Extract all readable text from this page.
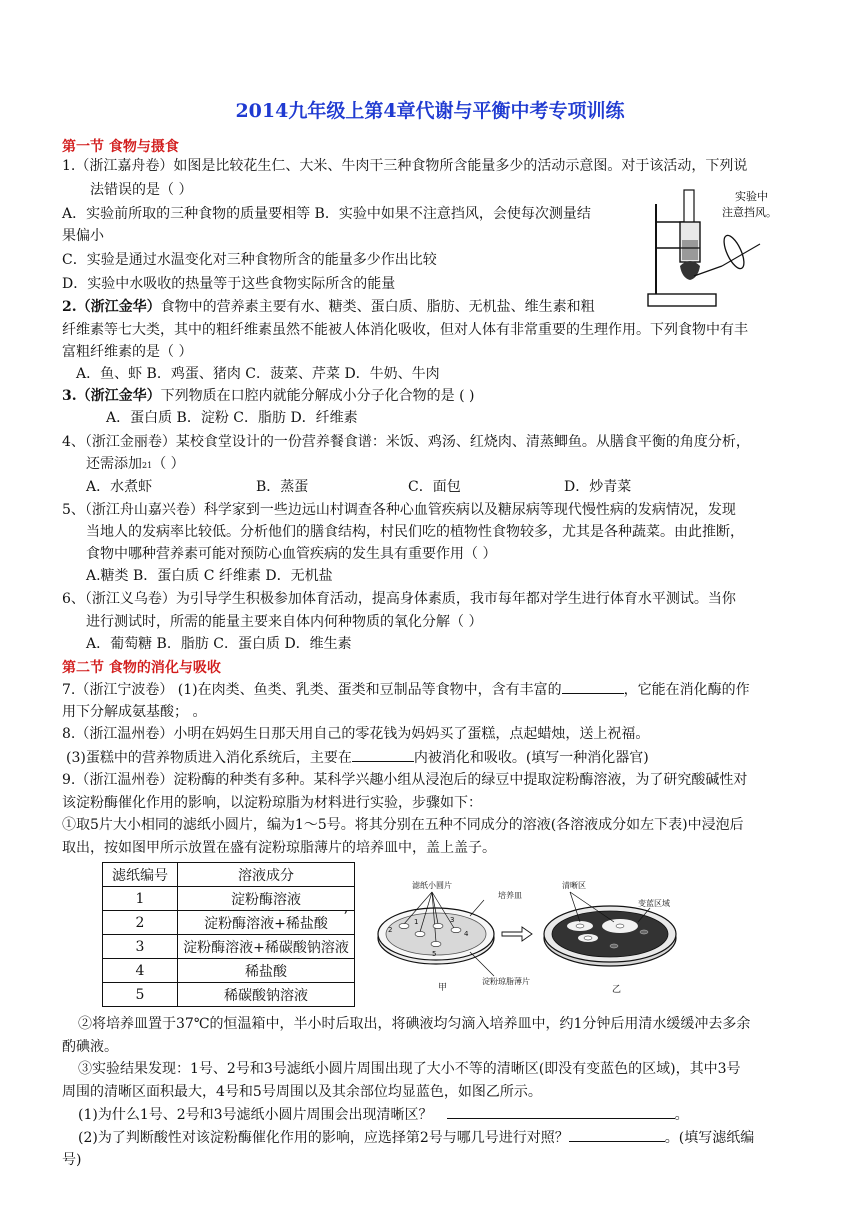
2014九年级上第4章代谢与平衡中考专项训练
第一节 食物与摄食
1.（浙江嘉舟卷）如图是比较花生仁、大米、牛肉干三种食物所含能量多少的活动示意图。对于该活动，下列说
法错误的是（ ）
A．实验前所取的三种食物的质量要相等 B．实验中如果不注意挡风，会使每次测量结
果偏小
C．实验是通过水温变化对三种食物所含的能量多少作出比较
D．实验中水吸收的热量等于这些食物实际所含的能量
实验中
注意挡风。
2.（浙江金华）食物中的营养素主要有水、糖类、蛋白质、脂肪、无机盐、维生素和粗
纤维素等七大类，其中的粗纤维素虽然不能被人体消化吸收，但对人体有非常重要的生理作用。下列食物中有丰
富粗纤维素的是（ ）
A．鱼、虾 B．鸡蛋、猪肉 C．菠菜、芹菜 D．牛奶、牛肉
3.（浙江金华）下列物质在口腔内就能分解成小分子化合物的是 ( )
A．蛋白质 B．淀粉 C．脂肪 D．纤维素
4、（浙江金丽卷）某校食堂设计的一份营养餐食谱：米饭、鸡汤、红烧肉、清蒸鲫鱼。从膳食平衡的角度分析，
还需添加21（ ）
A．水煮虾	B．蒸蛋	C．面包	D．炒青菜
5、（浙江舟山嘉兴卷）科学家到一些边远山村调查各种心血管疾病以及糖尿病等现代慢性病的发病情况，发现
当地人的发病率比较低。分析他们的膳食结构，村民们吃的植物性食物较多，尤其是各种蔬菜。由此推断，
食物中哪种营养素可能对预防心血管疾病的发生具有重要作用（ ）
A.糖类 B．蛋白质 C 纤维素 D．无机盐
6、（浙江义乌卷）为引导学生积极参加体育活动，提高身体素质，我市每年都对学生进行体育水平测试。当你
进行测试时，所需的能量主要来自体内何种物质的氧化分解（ ）
A．葡萄糖 B．脂肪 C．蛋白质 D．维生素
第二节 食物的消化与吸收
7.（浙江宁波卷） (1)在肉类、鱼类、乳类、蛋类和豆制品等食物中，含有丰富的	，它能在消化酶的作
用下分解成氨基酸； 。
8.（浙江温州卷）小明在妈妈生日那天用自己的零花钱为妈妈买了蛋糕，点起蜡烛，送上祝福。
(3)蛋糕中的营养物质进入消化系统后，主要在	内被消化和吸收。(填写一种消化器官)
9.（浙江温州卷）淀粉酶的种类有多种。某科学兴趣小组从浸泡后的绿豆中提取淀粉酶溶液，为了研究酸碱性对
该淀粉酶催化作用的影响，以淀粉琼脂为材料进行实验，步骤如下：
①取5片大小相同的滤纸小圆片，编为1～5号。将其分别在五种不同成分的溶液(各溶液成分如左下表)中浸泡后
取出，按如图甲所示放置在盛有淀粉琼脂薄片的培养皿中，盖上盖子。
滤纸编号	溶液成分
1	淀粉酶溶液
2	淀粉酶溶液+稀盐酸 ’

3	淀粉酶溶液+稀碳酸钠溶液
4	稀盐酸
5	稀碳酸钠溶液
滤纸小圆片
培养皿
清晰区
变蓝区域
淀粉琼脂薄片
甲	乙
2
1	3
4
5
②将培养皿置于37℃的恒温箱中，半小时后取出，将碘液均匀滴入培养皿中，约1分钟后用清水缓缓冲去多余
酌碘液。
③实验结果发现：1号、2号和3号滤纸小圆片周围出现了大小不等的清晰区(即没有变蓝色的区域)，其中3号
周围的清晰区面积最大，4号和5号周围以及其余部位均显蓝色，如图乙所示。
(1)为什么1号、2号和3号滤纸小圆片周围会出现清晰区？	。
(2)为了判断酸性对该淀粉酶催化作用的影响，应选择第2号与哪几号进行对照？	。(填写滤纸编
号)
